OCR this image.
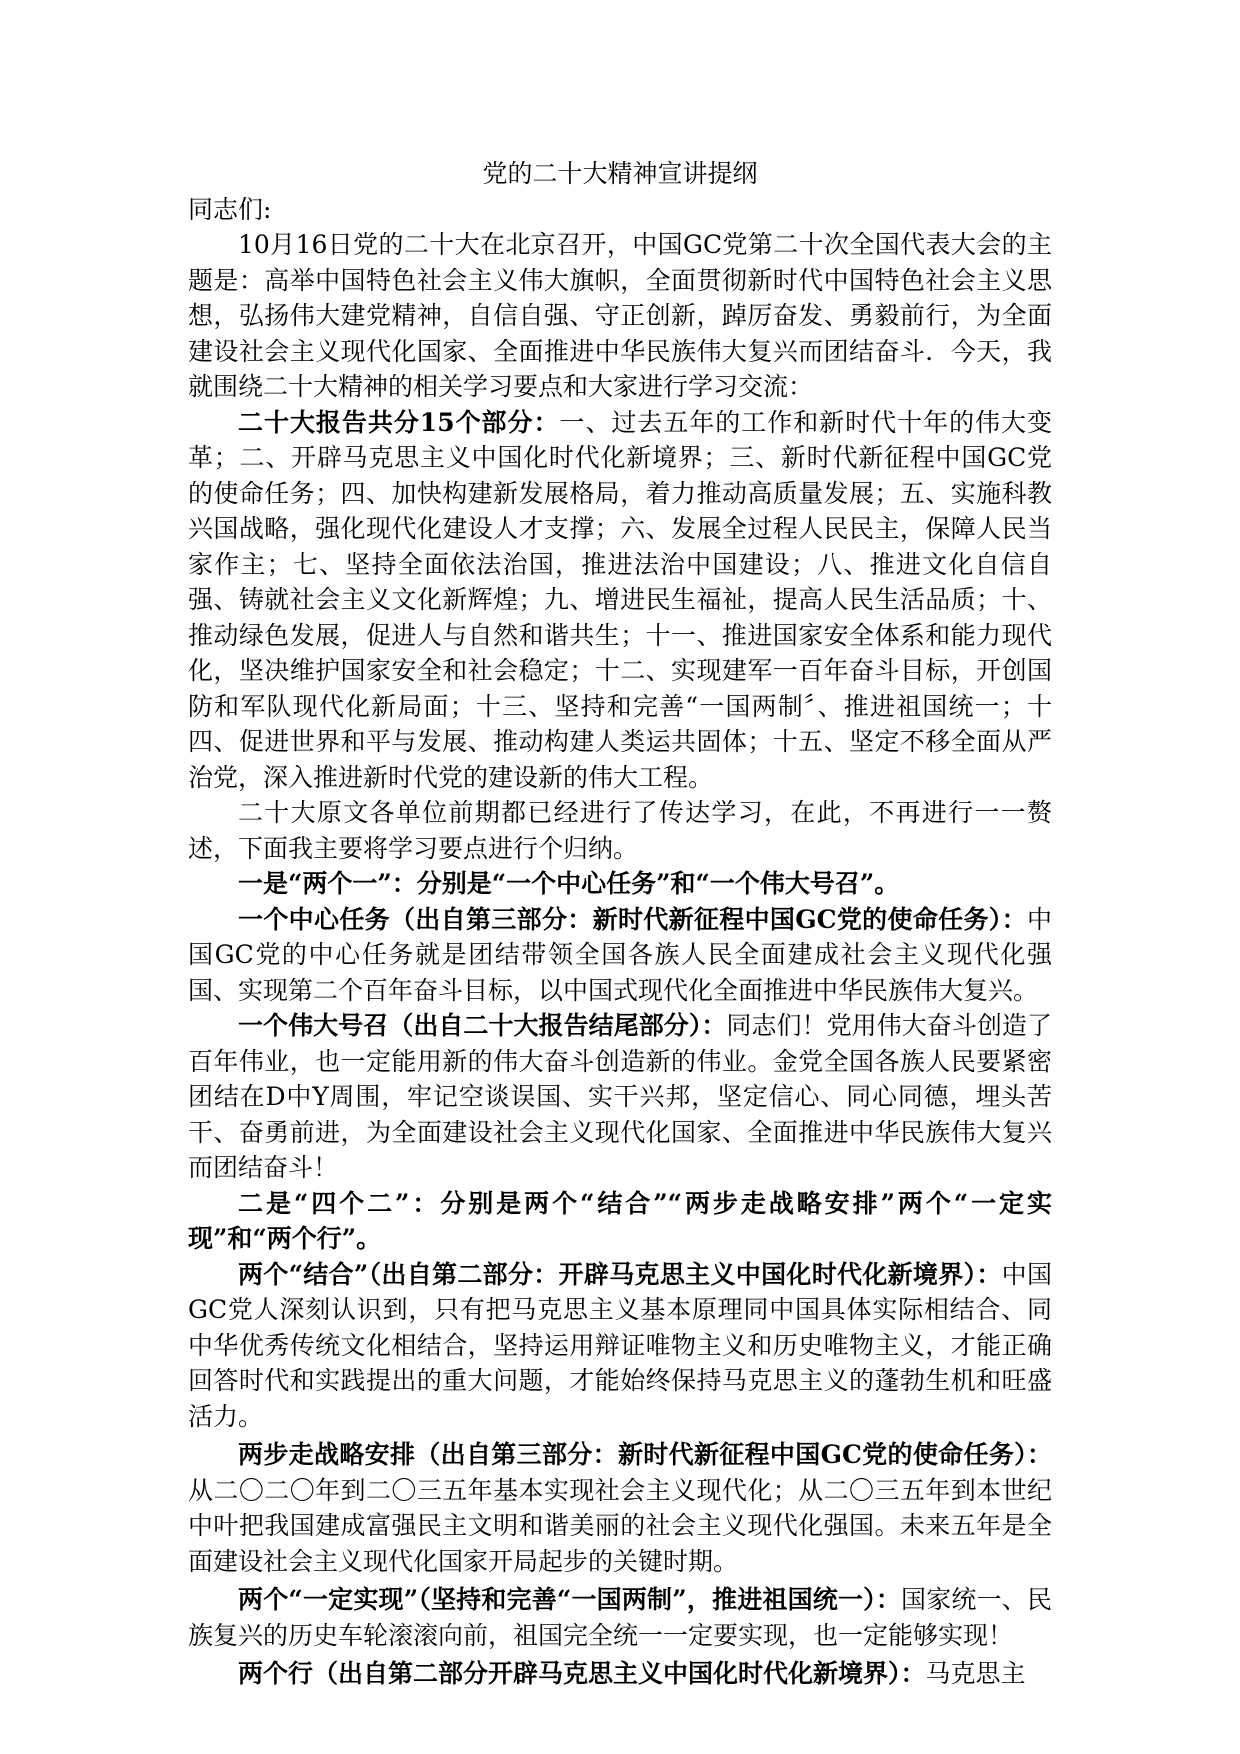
党的二十大精神宣讲提纲

同志们:

10月16日党的二十大在北京召开，中国GC党第二十次全国代表大会的主题是：高举中国特色社会主义伟大旗帜，全面贯彻新时代中国特色社会主义思想，弘扬伟大建党精神，自信自强、守正创新，踔厉奋发、勇毅前行，为全面建设社会主义现代化国家、全面推进中华民族伟大复兴而团结奋斗．今天，我就围绕二十大精神的相关学习要点和大家进行学习交流：

二十大报告共分15个部分：一、过去五年的工作和新时代十年的伟大变革；二、开辟马克思主义中国化时代化新境界；三、新时代新征程中国GC党的使命任务；四、加快构建新发展格局，着力推动高质量发展；五、实施科教兴国战略，强化现代化建设人才支撑；六、发展全过程人民民主，保障人民当家作主；七、坚持全面依法治国，推进法治中国建设；八、推进文化自信自强、铸就社会主义文化新辉煌；九、增进民生福祉，提高人民生活品质；十、推动绿色发展，促进人与自然和谐共生；十一、推进国家安全体系和能力现代化，坚决维护国家安全和社会稳定；十二、实现建军一百年奋斗目标，开创国防和军队现代化新局面；十三、坚持和完善“一国两制〞、推进祖国统一；十四、促进世界和平与发展、推动构建人类运共固体；十五、坚定不移全面从严治党，深入推进新时代党的建设新的伟大工程。

二十大原文各单位前期都已经进行了传达学习，在此，不再进行一一赘述，下面我主要将学习要点进行个归纳。

一是“两个一”：分别是“一个中心任务”和“一个伟大号召”。

一个中心任务（出自第三部分：新时代新征程中国GC党的使命任务）：中国GC党的中心任务就是团结带领全国各族人民全面建成社会主义现代化强国、实现第二个百年奋斗目标，以中国式现代化全面推进中华民族伟大复兴。

一个伟大号召（出自二十大报告结尾部分）：同志们！党用伟大奋斗创造了百年伟业，也一定能用新的伟大奋斗创造新的伟业。金党全国各族人民要紧密团结在D中Y周围，牢记空谈误国、实干兴邦，坚定信心、同心同德，埋头苦干、奋勇前进，为全面建设社会主义现代化国家、全面推进中华民族伟大复兴而团结奋斗！

二是“四个二”：分别是两个“结合”“两步走战略安排”两个“一定实现”和“两个行”。

两个“结合”（出自第二部分：开辟马克思主义中国化时代化新境界）：中国GC党人深刻认识到，只有把马克思主义基本原理同中国具体实际相结合、同中华优秀传统文化相结合，坚持运用辩证唯物主义和历史唯物主义，才能正确回答时代和实践提出的重大问题，才能始终保持马克思主义的蓬勃生机和旺盛活力。

两步走战略安排（出自第三部分：新时代新征程中国GC党的使命任务）：从二〇二〇年到二〇三五年基本实现社会主义现代化；从二〇三五年到本世纪中叶把我国建成富强民主文明和谐美丽的社会主义现代化强国。未来五年是全面建设社会主义现代化国家开局起步的关键时期。

两个“一定实现”（坚持和完善“一国两制”，推进祖国统一）：国家统一、民族复兴的历史车轮滚滚向前，祖国完全统一一定要实现，也一定能够实现！

两个行（出自第二部分开辟马克思主义中国化时代化新境界）：马克思主
